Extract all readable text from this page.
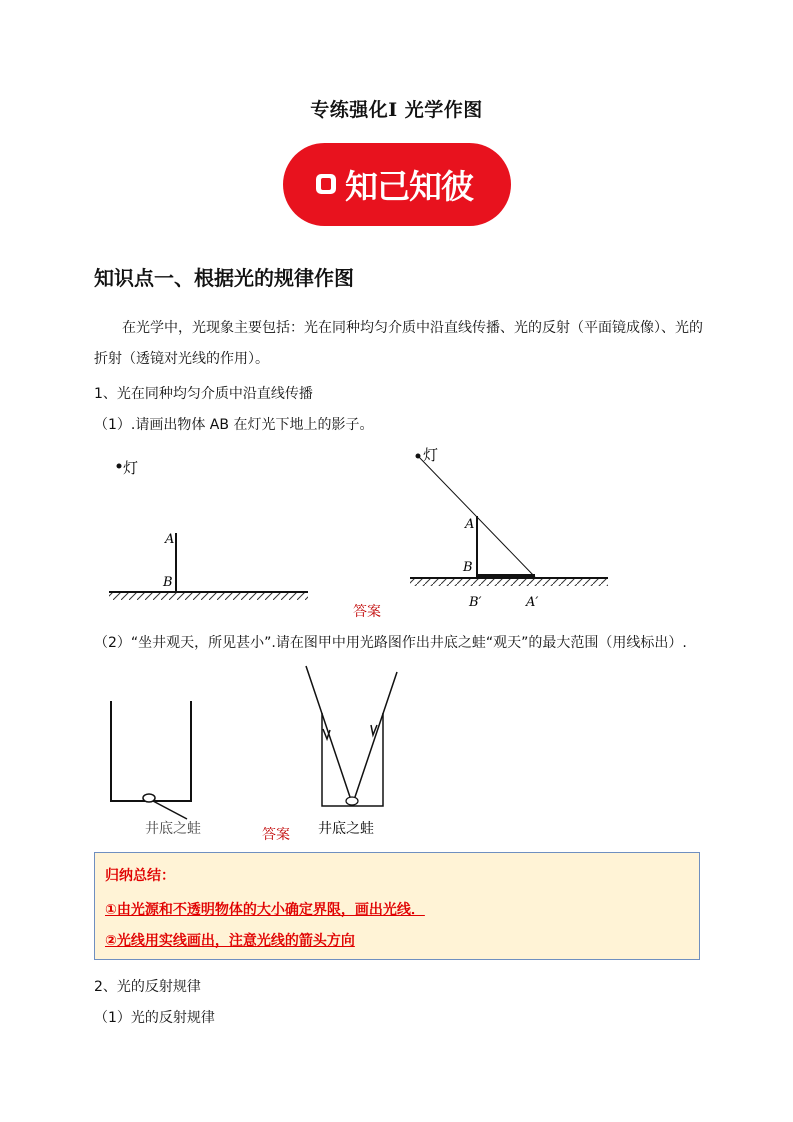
专练强化I 光学作图
知己知彼
知识点一、根据光的规律作图
在光学中，光现象主要包括：光在同种均匀介质中沿直线传播、光的反射（平面镜成像）、光的
折射（透镜对光线的作用）。
1、光在同种均匀介质中沿直线传播
（1）.请画出物体 AB 在灯光下地上的影子。
灯
A
B
灯
A
B
B′	A′
答案
（2）“坐井观天，所见甚小”.请在图甲中用光路图作出井底之蛙“观天”的最大范围（用线标出）.
井底之蛙	井底之蛙
答案
归纳总结：
①由光源和不透明物体的大小确定界限，画出光线．
②光线用实线画出，注意光线的箭头方向
2、光的反射规律
（1）光的反射规律
